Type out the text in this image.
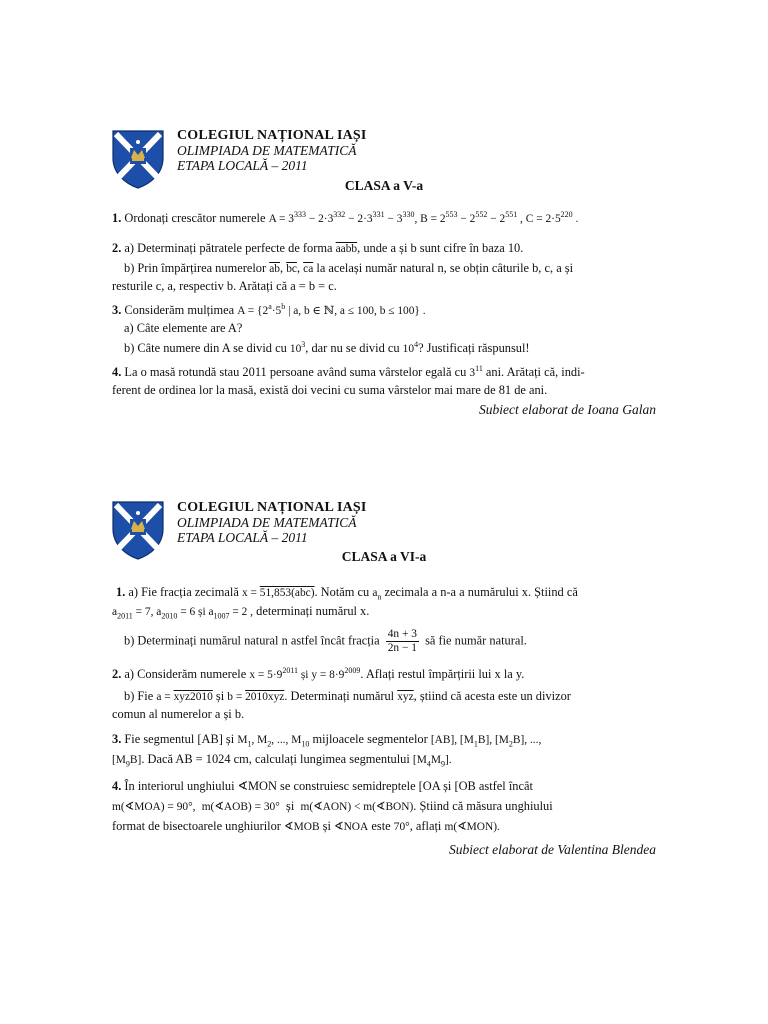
COLEGIUL NAȚIONAL IAȘI
OLIMPIADA DE MATEMATICĂ
ETAPA LOCALĂ – 2011
CLASA a V-a
1. Ordonați crescător numerele $A = 3^{333} - 2\cdot 3^{332} - 2\cdot 3^{331} - 3^{330}$, $B = 2^{553} - 2^{552} - 2^{551}$ , $C = 2\cdot 5^{220}$ .
2. a) Determinați pătratele perfecte de forma aabb, unde a și b sunt cifre în baza 10.
b) Prin împărțirea numerelor $\overline{ab}$, $\overline{bc}$, $\overline{ca}$ la același număr natural n, se obțin câturile b, c, a și
resturile c, a, respectiv b. Arătați că a = b = c.
3. Considerăm mulțimea $A = \{2^a\cdot 5^b$ | a, b ∈ ℕ, a ≤ 100, b ≤ 100} .
a) Câte elemente are A?
b) Câte numere din A se divid cu $10^3$, dar nu se divid cu $10^4$? Justificați răspunsul!
4. La o masă rotundă stau 2011 persoane având suma vârstelor egală cu $3^{11}$ ani. Arătați că, indi-
ferent de ordinea lor la masă, există doi vecini cu suma vârstelor mai mare de 81 de ani.
Subiect elaborat de Ioana Galan
COLEGIUL NAȚIONAL IAȘI
OLIMPIADA DE MATEMATICĂ
ETAPA LOCALĂ – 2011
CLASA a VI-a
1. a) Fie fracția zecimală x = 51,853(abc). Notăm cu $a_n$ zecimala a n-a a numărului x. Știind că
$a_{2011} = 7$, $a_{2010} = 6$ și $a_{1007} = 2$ , determinați numărul x.
b) Determinați numărul natural n astfel încât fracția $\frac{4n + 3}{2n - 1}$ să fie număr natural.
2. a) Considerăm numerele $x = 5\cdot 9^{2011}$ și $y = 8\cdot 9^{2009}$. Aflați restul împărțirii lui x la y.
b) Fie a = xyz2010 și b = 2010xyz. Determinați numărul $\overline{xyz}$, știind că acesta este un divizor
comun al numerelor a și b.
3. Fie segmentul [AB] și $M_1$, $M_2$, ..., $M_{10}$ mijloacele segmentelor [AB], $[M_1B]$, $[M_2B]$, ...,
$[M_9B]$. Dacă AB = 1024 cm, calculați lungimea segmentului $[M_4M_9]$.
4. În interiorul unghiului ∢MON se construiesc semidreptele [OA și [OB astfel încât
m(∢MOA) = 90°, m(∢AOB) = 30° și m(∢AON) < m(∢BON). Știind că măsura unghiului
format de bisectoarele unghiurilor ∢MOB și ∢NOA este 70°, aflați m(∢MON).
Subiect elaborat de Valentina Blendea
